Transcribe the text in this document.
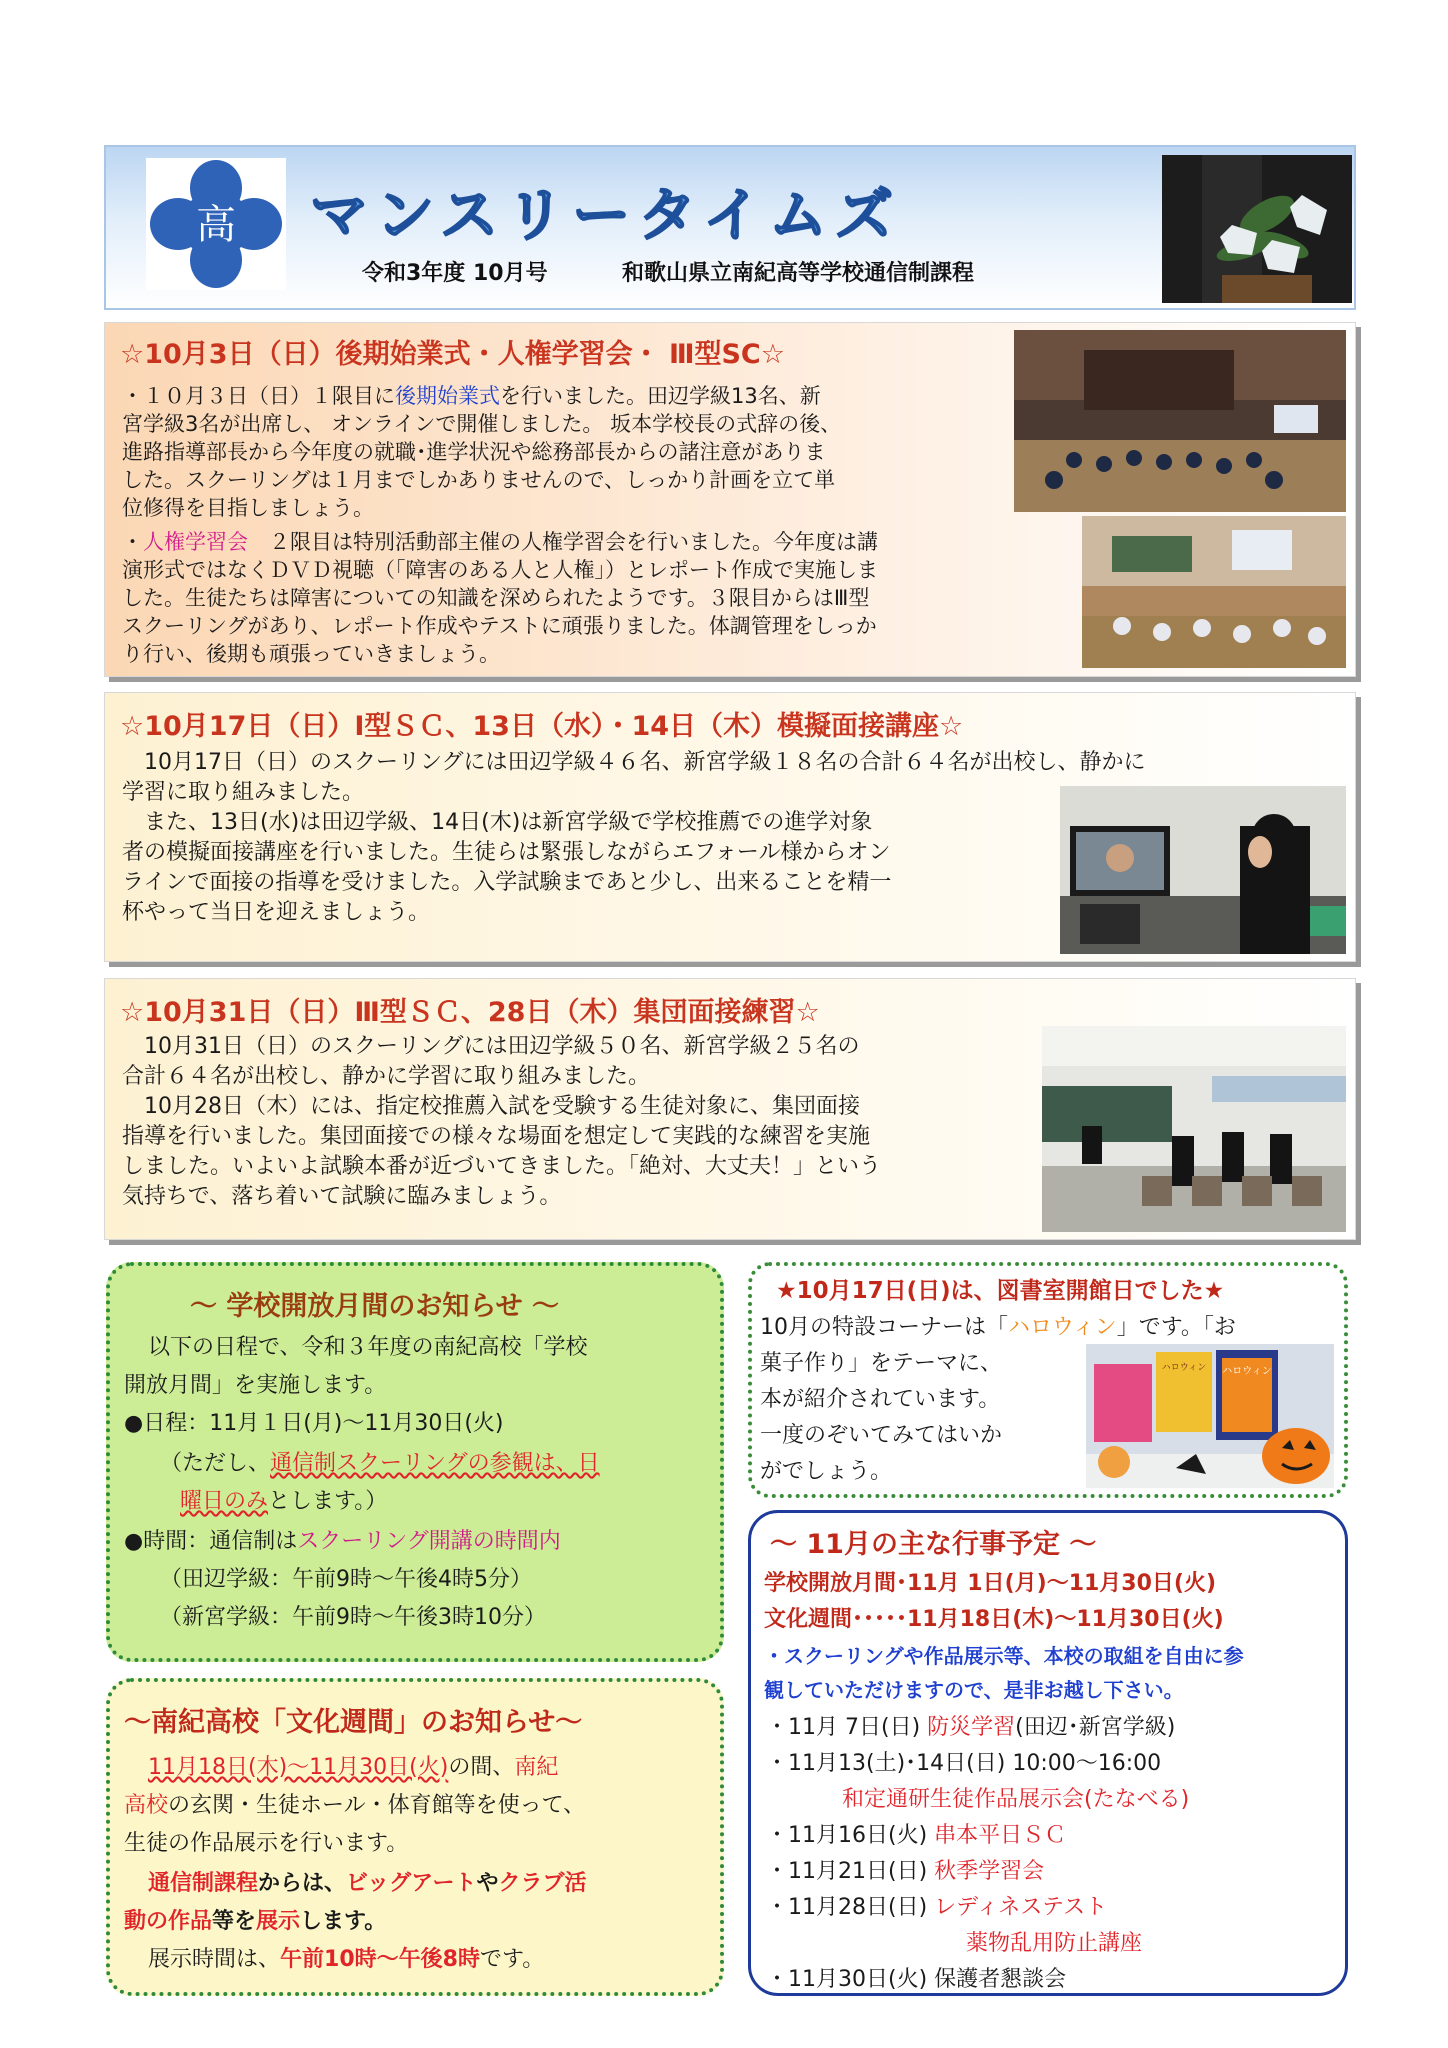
高 マンスリータイムズ
令和3年度 10月号	和歌山県立南紀高等学校通信制課程
☆10月3日（日）後期始業式・人権学習会・ Ⅲ型SC☆
・１０月３日（日）１限目に後期始業式を行いました。田辺学級13名、新
宮学級3名が出席し、 オンラインで開催しました。 坂本学校長の式辞の後、
進路指導部長から今年度の就職･進学状況や総務部長からの諸注意がありま
した。スクーリングは１月までしかありませんので、しっかり計画を立て単
位修得を目指しましょう。
・人権学習会　２限目は特別活動部主催の人権学習会を行いました。今年度は講
演形式ではなくＤＶＤ視聴（「障害のある人と人権」）とレポート作成で実施しま
した。生徒たちは障害についての知識を深められたようです。３限目からはⅢ型
スクーリングがあり、レポート作成やテストに頑張りました。体調管理をしっか
り行い、後期も頑張っていきましょう。
☆10月17日（日）Ⅰ型ＳＣ、13日（水）・14日（木）模擬面接講座☆
　10月17日（日）のスクーリングには田辺学級４６名、新宮学級１８名の合計６４名が出校し、静かに
学習に取り組みました。
　また、13日(水)は田辺学級、14日(木)は新宮学級で学校推薦での進学対象
者の模擬面接講座を行いました。生徒らは緊張しながらエフォール様からオン
ラインで面接の指導を受けました。入学試験まであと少し、出来ることを精一
杯やって当日を迎えましょう。
☆10月31日（日）Ⅲ型ＳＣ、28日（木）集団面接練習☆
　10月31日（日）のスクーリングには田辺学級５０名、新宮学級２５名の
合計６４名が出校し、静かに学習に取り組みました。
　10月28日（木）には、指定校推薦入試を受験する生徒対象に、集団面接
指導を行いました。集団面接での様々な場面を想定して実践的な練習を実施
しました。いよいよ試験本番が近づいてきました。「絶対、大丈夫！」という
気持ちで、落ち着いて試験に臨みましょう。
～ 学校開放月間のお知らせ ～
以下の日程で、令和３年度の南紀高校「学校
開放月間」を実施します。
●日程：11月１日(月)～11月30日(火)
（ただし、通信制スクーリングの参観は、日
曜日のみとします。）
●時間：通信制はスクーリング開講の時間内
（田辺学級：午前9時～午後4時5分）
（新宮学級：午前9時～午後3時10分）
～南紀高校「文化週間」のお知らせ～
11月18日(木)～11月30日(火)の間、南紀
高校の玄関・生徒ホール・体育館等を使って、
生徒の作品展示を行います。
通信制課程からは、ビッグアートやクラブ活
動の作品等を展示します。
展示時間は、午前10時～午後8時です。
★10月17日(日)は、図書室開館日でした★
10月の特設コーナーは「ハロウィン」です。「お
菓子作り」をテーマに、
本が紹介されています。
一度のぞいてみてはいか
がでしょう。
ハロウィン ハロウィン
～ 11月の主な行事予定 ～
学校開放月間･11月 1日(月)～11月30日(火)
文化週間･････11月18日(木)～11月30日(火)
・スクーリングや作品展示等、本校の取組を自由に参
観していただけますので、是非お越し下さい。
・11月 7日(日) 防災学習(田辺･新宮学級)
・11月13(土)･14日(日) 10:00～16:00
和定通研生徒作品展示会(たなべる)
・11月16日(火) 串本平日ＳＣ
・11月21日(日) 秋季学習会
・11月28日(日) レディネステスト
薬物乱用防止講座
・11月30日(火) 保護者懇談会
